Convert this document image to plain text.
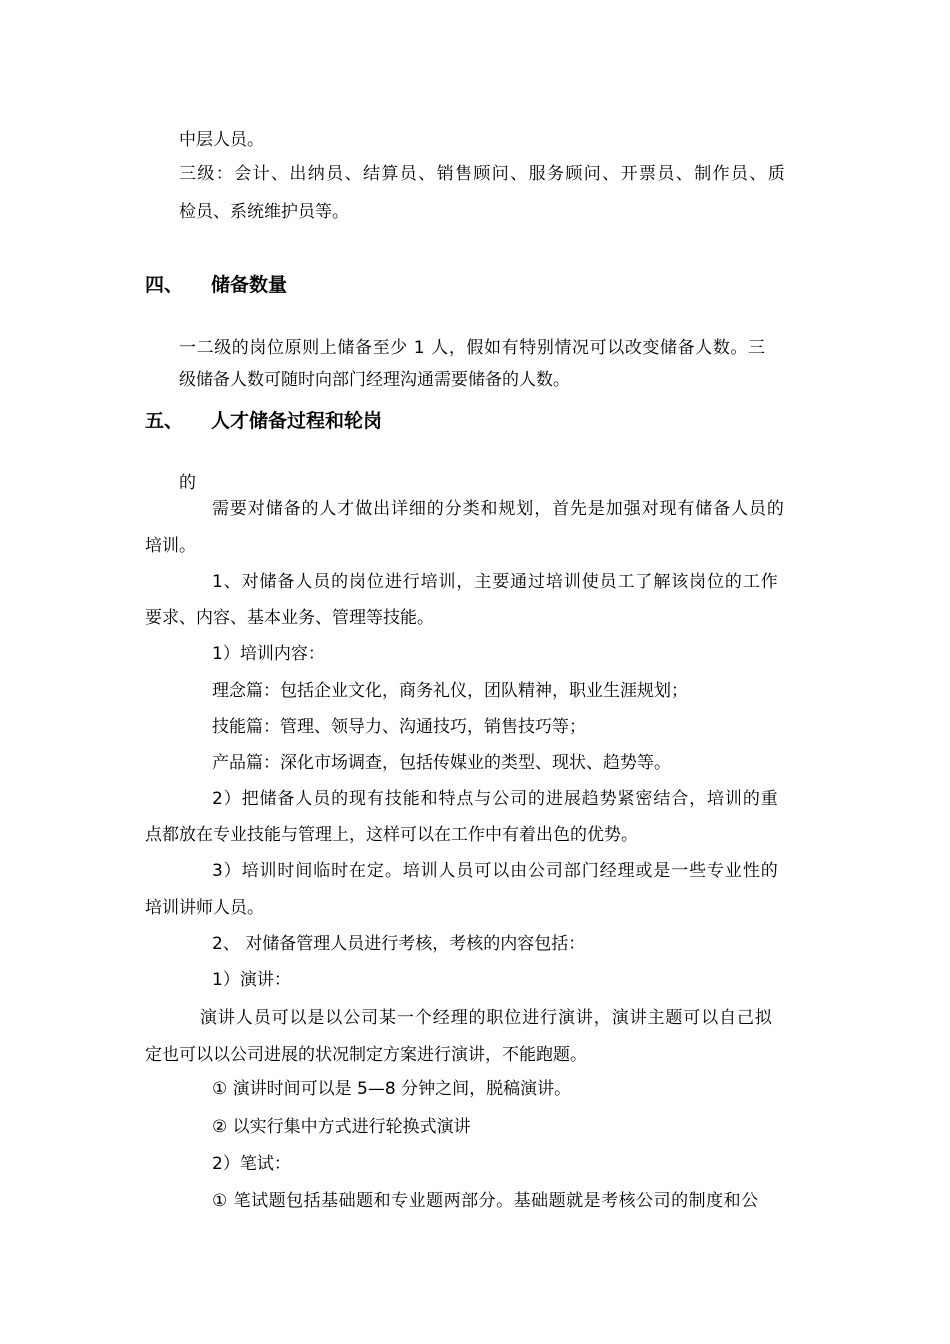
中层人员。
三级：会计、出纳员、结算员、销售顾问、服务顾问、开票员、制作员、质
检员、系统维护员等。
四、 储备数量
一二级的岗位原则上储备至少 1 人，假如有特别情况可以改变储备人数。三
级储备人数可随时向部门经理沟通需要储备的人数。
五、 人才储备过程和轮岗
的
需要对储备的人才做出详细的分类和规划，首先是加强对现有储备人员的
培训。
1、对储备人员的岗位进行培训，主要通过培训使员工了解该岗位的工作
要求、内容、基本业务、管理等技能。
1）培训内容：
理念篇：包括企业文化，商务礼仪，团队精神，职业生涯规划；
技能篇：管理、领导力、沟通技巧，销售技巧等；
产品篇：深化市场调查，包括传媒业的类型、现状、趋势等。
2）把储备人员的现有技能和特点与公司的进展趋势紧密结合，培训的重
点都放在专业技能与管理上，这样可以在工作中有着出色的优势。
3）培训时间临时在定。培训人员可以由公司部门经理或是一些专业性的
培训讲师人员。
2、 对储备管理人员进行考核，考核的内容包括：
1）演讲：
演讲人员可以是以公司某一个经理的职位进行演讲，演讲主题可以自己拟
定也可以以公司进展的状况制定方案进行演讲，不能跑题。
① 演讲时间可以是 5—8 分钟之间，脱稿演讲。
② 以实行集中方式进行轮换式演讲
2）笔试：
① 笔试题包括基础题和专业题两部分。基础题就是考核公司的制度和公
